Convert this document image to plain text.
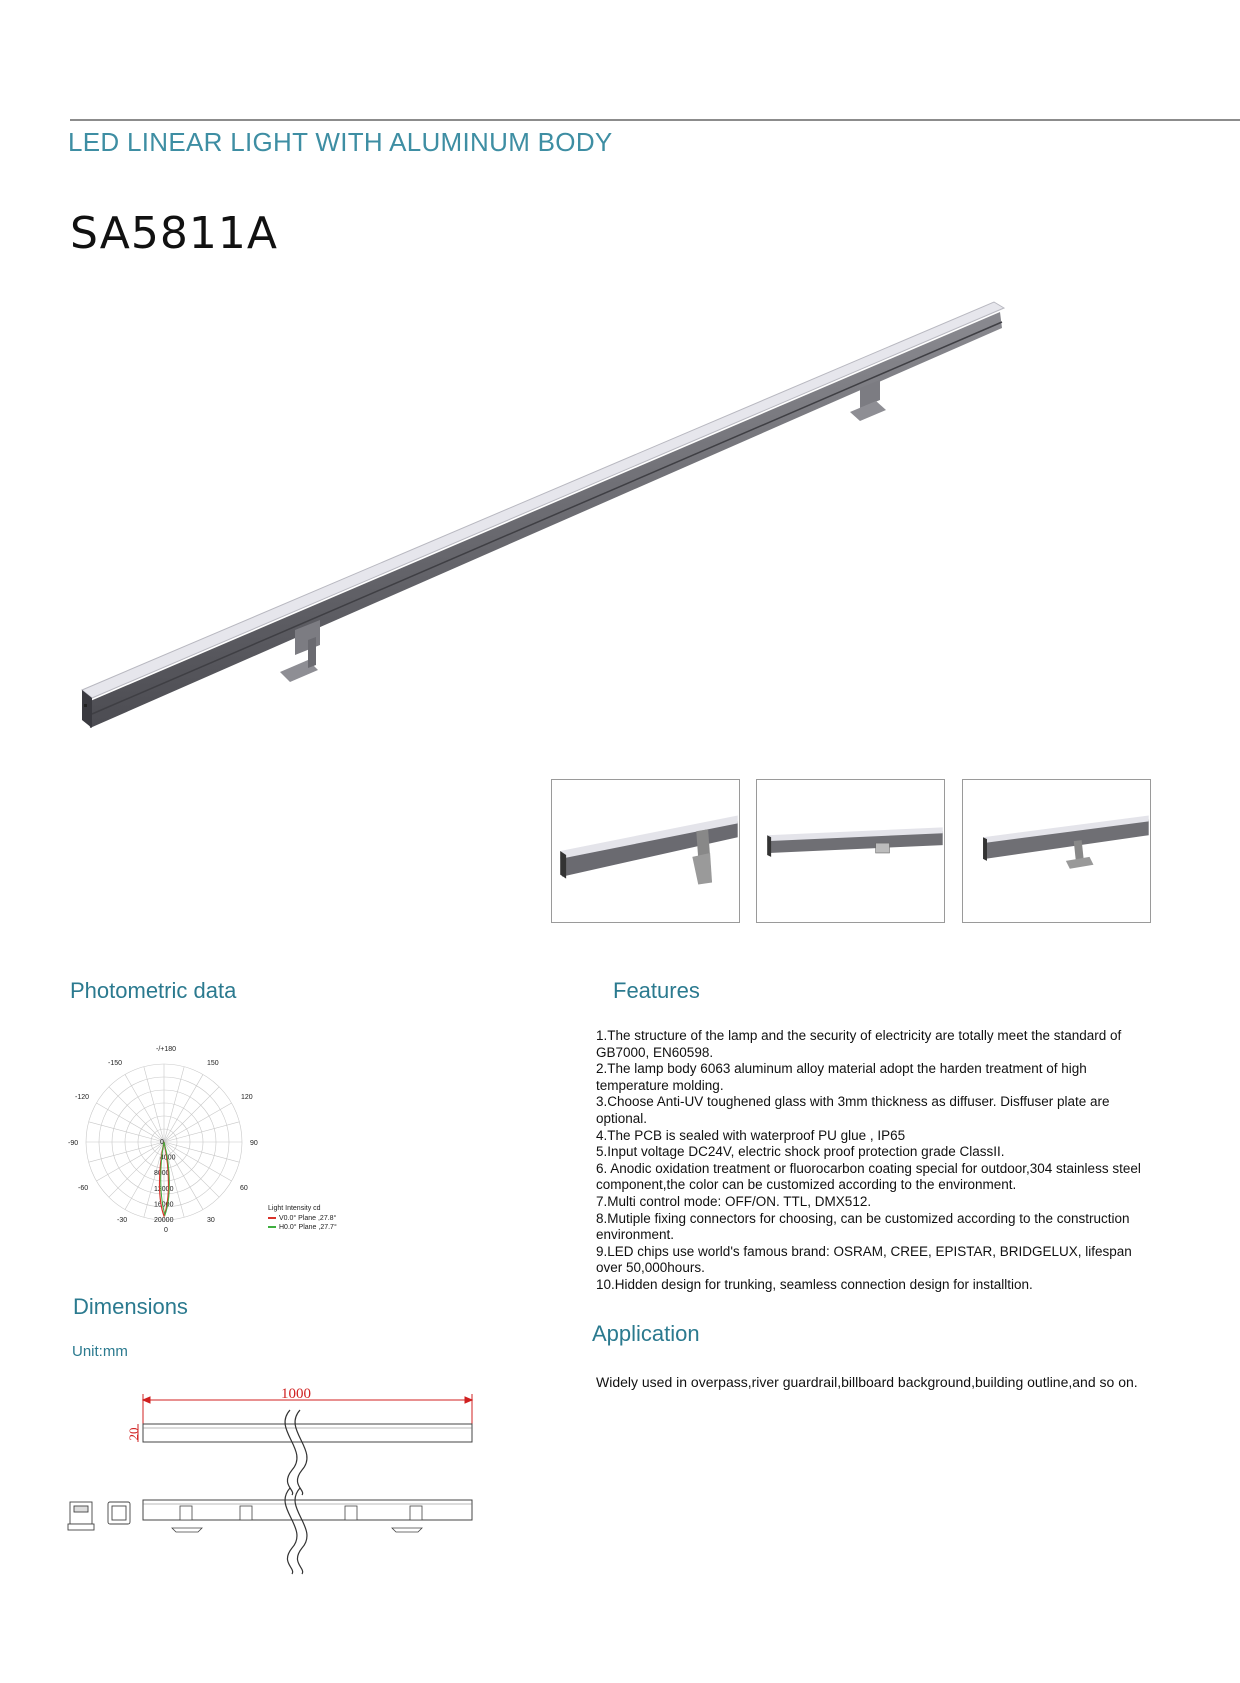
LED LINEAR LIGHT WITH ALUMINUM BODY
SA5811A
Photometric data	Features
Dimensions
Unit:mm
Application
-/+180
-150	150
-120	120
-90	90
-60	60
-30	30
0
0
4000
8000
12000
16000
20000
Light Intensity cd
V0.0° Plane ,27.8°
H0.0° Plane ,27.7°

1.The structure of the lamp and the security of electricity are totally meet the standard of GB7000, EN60598.

2.The lamp body 6063 aluminum alloy material adopt the harden treatment of high temperature molding.

3.Choose Anti-UV toughened glass with 3mm thickness as diffuser. Disffuser plate are optional.

4.The PCB is sealed with waterproof PU glue , IP65

5.Input voltage DC24V, electric shock proof protection grade ClassII.

6. Anodic oxidation treatment or fluorocarbon coating special for outdoor,304 stainless steel component,the color can be customized according to the environment.

7.Multi control mode: OFF/ON. TTL, DMX512.

8.Mutiple fixing connectors for choosing, can be customized according to the construction environment.

9.LED chips use world's famous brand: OSRAM, CREE, EPISTAR, BRIDGELUX, lifespan over 50,000hours.

10.Hidden design for trunking, seamless connection design for installtion.

Widely used in overpass,river guardrail,billboard background,building outline,and so on.
1000
20
